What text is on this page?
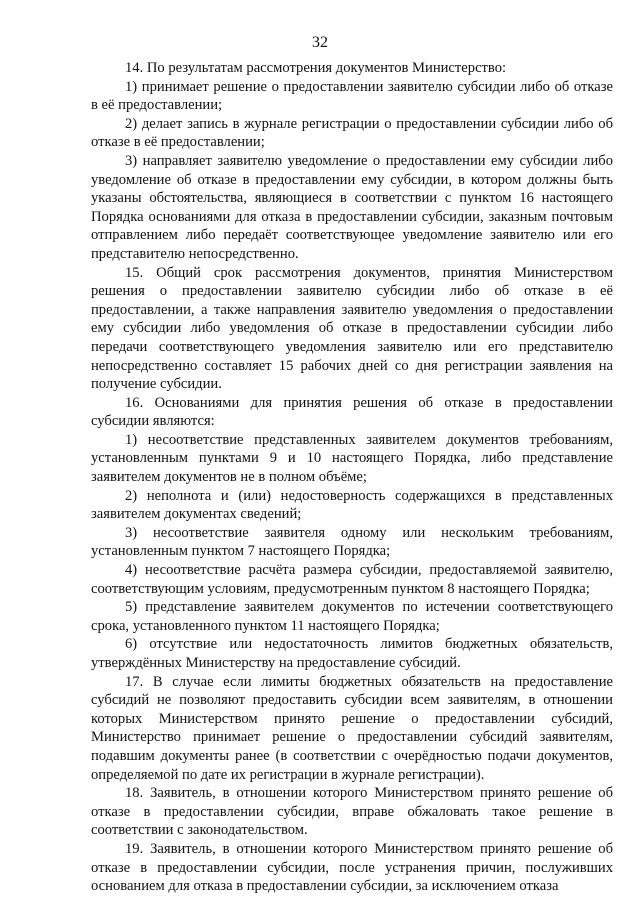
32

14. По результатам рассмотрения документов Министерство:

1) принимает решение о предоставлении заявителю субсидии либо об отказе в её предоставлении;

2) делает запись в журнале регистрации о предоставлении субсидии либо об отказе в её предоставлении;

3) направляет заявителю уведомление о предоставлении ему субсидии либо уведомление об отказе в предоставлении ему субсидии, в котором должны быть указаны обстоятельства, являющиеся в соответствии с пунктом 16 настоящего Порядка основаниями для отказа в предоставлении субсидии, заказным почтовым отправлением либо передаёт соответствующее уведомление заявителю или его представителю непосредственно.

15. Общий срок рассмотрения документов, принятия Министерством решения о предоставлении заявителю субсидии либо об отказе в её предоставлении, а также направления заявителю уведомления о предоставлении ему субсидии либо уведомления об отказе в предоставлении субсидии либо передачи соответствующего уведомления заявителю или его представителю непосредственно составляет 15 рабочих дней со дня регистрации заявления на получение субсидии.

16. Основаниями для принятия решения об отказе в предоставлении субсидии являются:

1) несоответствие представленных заявителем документов требованиям, установленным пунктами 9 и 10 настоящего Порядка, либо представление заявителем документов не в полном объёме;

2) неполнота и (или) недостоверность содержащихся в представленных заявителем документах сведений;

3) несоответствие заявителя одному или нескольким требованиям, установленным пунктом 7 настоящего Порядка;

4) несоответствие расчёта размера субсидии, предоставляемой заявителю, соответствующим условиям, предусмотренным пунктом 8 настоящего Порядка;

5) представление заявителем документов по истечении соответствующего срока, установленного пунктом 11 настоящего Порядка;

6) отсутствие или недостаточность лимитов бюджетных обязательств, утверждённых Министерству на предоставление субсидий.

17. В случае если лимиты бюджетных обязательств на предоставление субсидий не позволяют предоставить субсидии всем заявителям, в отношении которых Министерством принято решение о предоставлении субсидий, Министерство принимает решение о предоставлении субсидий заявителям, подавшим документы ранее (в соответствии с очерёдностью подачи документов, определяемой по дате их регистрации в журнале регистрации).

18. Заявитель, в отношении которого Министерством принято решение об отказе в предоставлении субсидии, вправе обжаловать такое решение в соответствии с законодательством.

19. Заявитель, в отношении которого Министерством принято решение об отказе в предоставлении субсидии, после устранения причин, послуживших основанием для отказа в предоставлении субсидии, за исключением отказа
